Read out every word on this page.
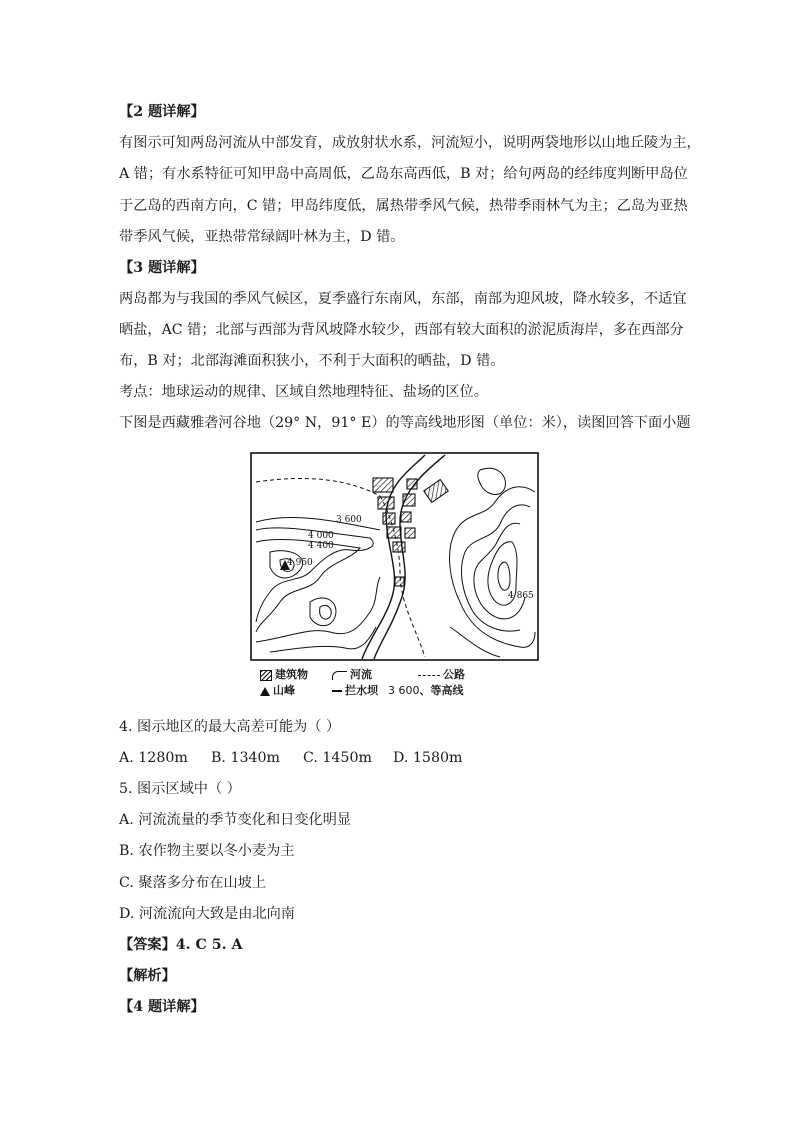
【2 题详解】
有图示可知两岛河流从中部发育，成放射状水系，河流短小，说明两袋地形以山地丘陵为主，
A 错；有水系特征可知甲岛中高周低，乙岛东高西低，B 对；给句两岛的经纬度判断甲岛位
于乙岛的西南方向，C 错；甲岛纬度低，属热带季风气候，热带季雨林气为主；乙岛为亚热
带季风气候，亚热带常绿阔叶林为主，D 错。
【3 题详解】
两岛都为与我国的季风气候区，夏季盛行东南风，东部，南部为迎风坡，降水较多，不适宜
晒盐，AC 错；北部与西部为背风坡降水较少，西部有较大面积的淤泥质海岸，多在西部分
布，B 对；北部海滩面积狭小，不利于大面积的晒盐，D 错。
考点：地球运动的规律、区域自然地理特征、盐场的区位。
下图是西藏雅砻河谷地（29° N，91° E）的等高线地形图（单位：米），读图回答下面小题
3 600
4 000
4 400
4 950
4 865
建筑物	河流	公路
山峰	拦水坝 3 600、等高线
4. 图示地区的最大高差可能为（ ）
A. 1280m B. 1340m C. 1450m D. 1580m
5. 图示区域中（ ）
A. 河流流量的季节变化和日变化明显
B. 农作物主要以冬小麦为主
C. 聚落多分布在山坡上
D. 河流流向大致是由北向南
【答案】4. C 5. A
【解析】
【4 题详解】
